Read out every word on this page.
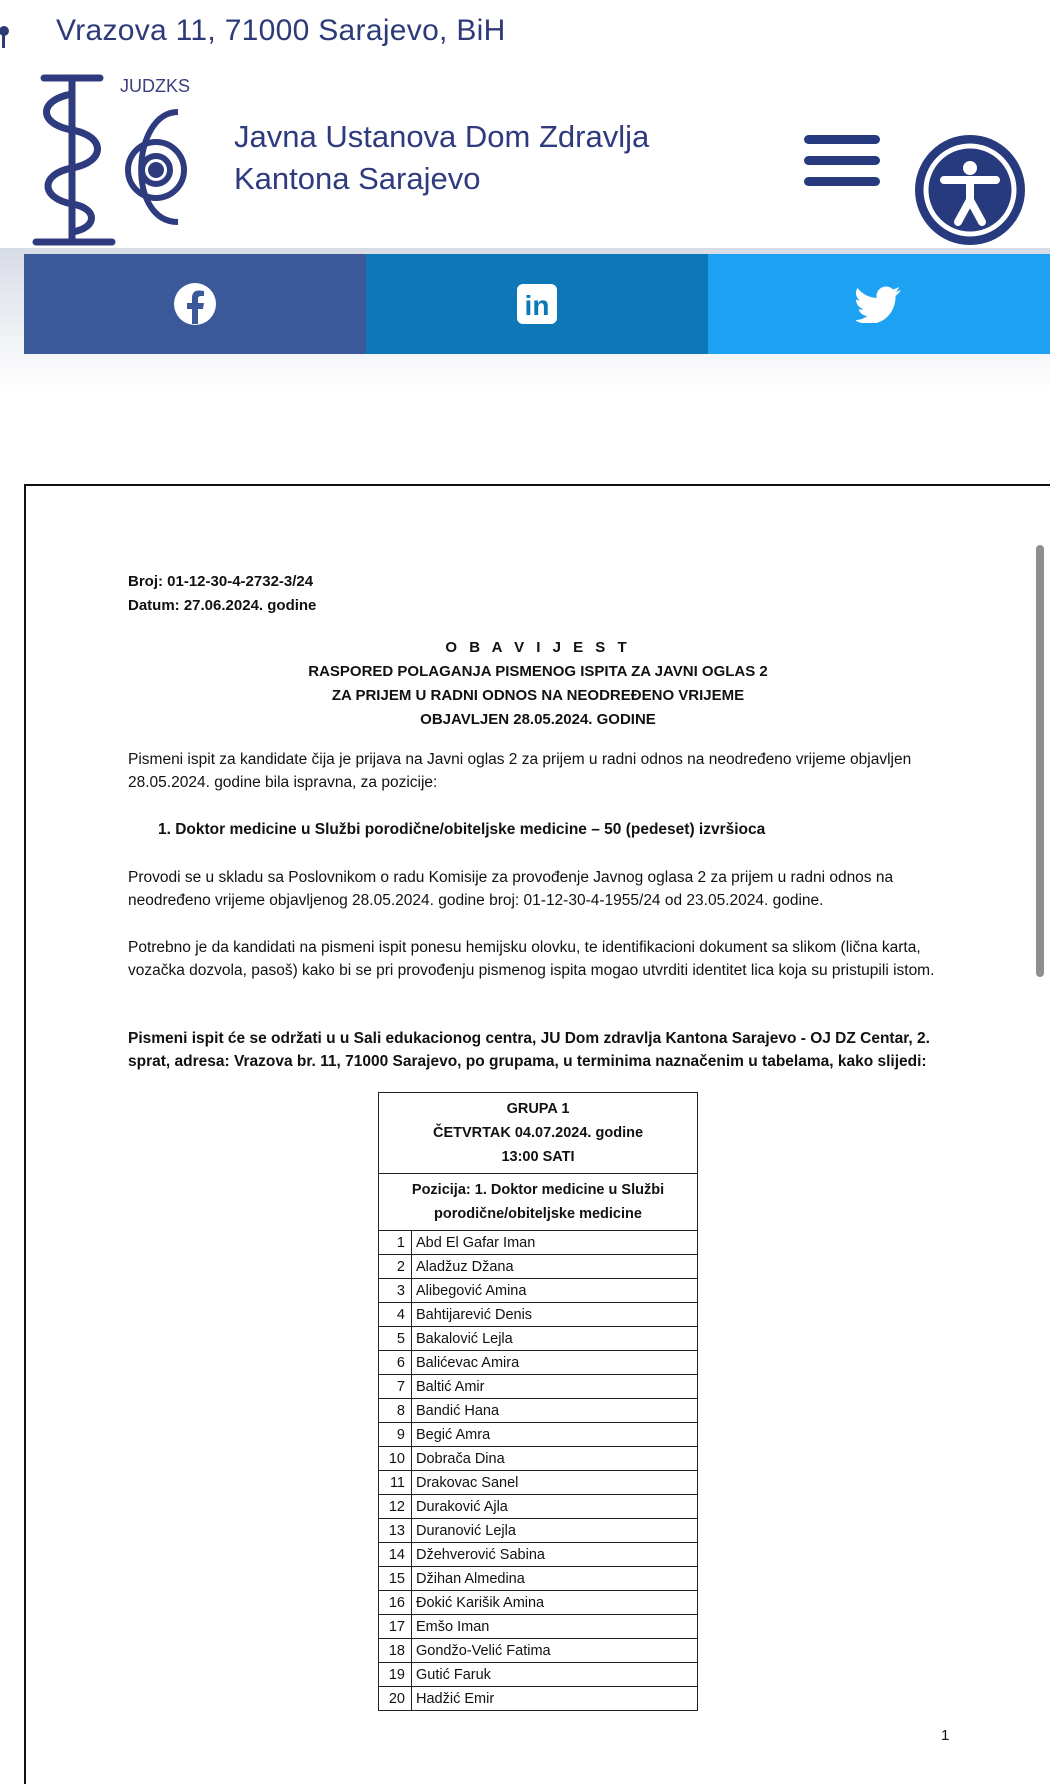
Vrazova 11, 71000 Sarajevo, BiH
JUDZKS
Javna Ustanova Dom Zdravlja
Kantona Sarajevo
in
Broj: 01-12-30-4-2732-3/24
Datum: 27.06.2024. godine
O B A V I J E S T
RASPORED POLAGANJA PISMENOG ISPITA ZA JAVNI OGLAS 2
ZA PRIJEM U RADNI ODNOS NA NEODREĐENO VRIJEME
OBJAVLJEN 28.05.2024. GODINE
Pismeni ispit za kandidate čija je prijava na Javni oglas 2 za prijem u radni odnos na neodređeno vrijeme objavljen 28.05.2024. godine bila ispravna, za pozicije:
1. Doktor medicine u Službi porodične/obiteljske medicine – 50 (pedeset) izvršioca
Provodi se u skladu sa Poslovnikom o radu Komisije za provođenje Javnog oglasa 2 za prijem u radni odnos na neodređeno vrijeme objavljenog 28.05.2024. godine broj: 01-12-30-4-1955/24 od 23.05.2024. godine.
Potrebno je da kandidati na pismeni ispit ponesu hemijsku olovku, te identifikacioni dokument sa slikom (lična karta, vozačka dozvola, pasoš) kako bi se pri provođenju pismenog ispita mogao utvrditi identitet lica koja su pristupili istom.
Pismeni ispit će se održati u u Sali edukacionog centra, JU Dom zdravlja Kantona Sarajevo - OJ DZ Centar, 2. sprat, adresa: Vrazova br. 11, 71000 Sarajevo, po grupama, u terminima naznačenim u tabelama, kako slijedi:
GRUPA 1
ČETVRTAK 04.07.2024. godine
13:00 SATI	

Pozicija: 1. Doktor medicine u Službi
porodične/obiteljske medicine	

1	Abd El Gafar Iman
2	Aladžuz Džana
3	Alibegović Amina
4	Bahtijarević Denis
5	Bakalović Lejla
6	Balićevac Amira
7	Baltić Amir
8	Bandić Hana
9	Begić Amra
10	Dobrača Dina
11	Drakovac Sanel
12	Duraković Ajla
13	Duranović Lejla
14	Džehverović Sabina
15	Džihan Almedina
16	Đokić Karišik Amina
17	Emšo Iman
18	Gondžo-Velić Fatima
19	Gutić Faruk
20	Hadžić Emir
1
